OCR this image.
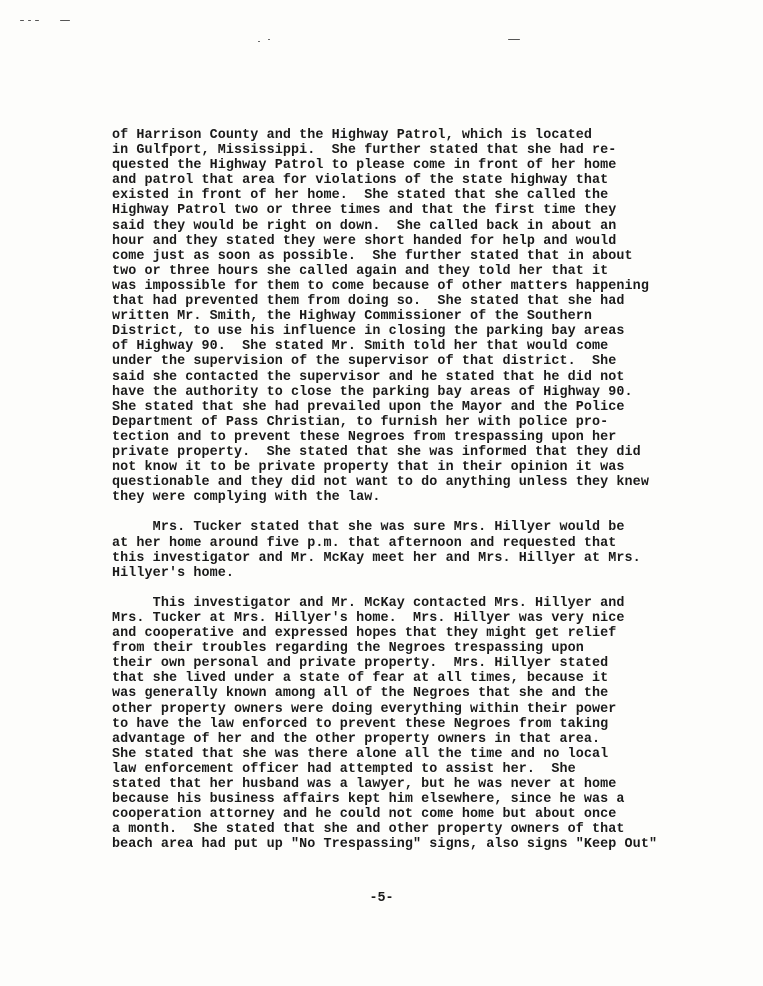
of Harrison County and the Highway Patrol, which is located
in Gulfport, Mississippi.  She further stated that she had re-
quested the Highway Patrol to please come in front of her home
and patrol that area for violations of the state highway that
existed in front of her home.  She stated that she called the
Highway Patrol two or three times and that the first time they
said they would be right on down.  She called back in about an
hour and they stated they were short handed for help and would
come just as soon as possible.  She further stated that in about
two or three hours she called again and they told her that it
was impossible for them to come because of other matters happening
that had prevented them from doing so.  She stated that she had
written Mr. Smith, the Highway Commissioner of the Southern
District, to use his influence in closing the parking bay areas
of Highway 90.  She stated Mr. Smith told her that would come
under the supervision of the supervisor of that district.  She
said she contacted the supervisor and he stated that he did not
have the authority to close the parking bay areas of Highway 90.
She stated that she had prevailed upon the Mayor and the Police
Department of Pass Christian, to furnish her with police pro-
tection and to prevent these Negroes from trespassing upon her
private property.  She stated that she was informed that they did
not know it to be private property that in their opinion it was
questionable and they did not want to do anything unless they knew
they were complying with the law.
Mrs. Tucker stated that she was sure Mrs. Hillyer would be
at her home around five p.m. that afternoon and requested that
this investigator and Mr. McKay meet her and Mrs. Hillyer at Mrs.
Hillyer's home.
This investigator and Mr. McKay contacted Mrs. Hillyer and
Mrs. Tucker at Mrs. Hillyer's home.  Mrs. Hillyer was very nice
and cooperative and expressed hopes that they might get relief
from their troubles regarding the Negroes trespassing upon
their own personal and private property.  Mrs. Hillyer stated
that she lived under a state of fear at all times, because it
was generally known among all of the Negroes that she and the
other property owners were doing everything within their power
to have the law enforced to prevent these Negroes from taking
advantage of her and the other property owners in that area.
She stated that she was there alone all the time and no local
law enforcement officer had attempted to assist her.  She
stated that her husband was a lawyer, but he was never at home
because his business affairs kept him elsewhere, since he was a
cooperation attorney and he could not come home but about once
a month.  She stated that she and other property owners of that
beach area had put up "No Trespassing" signs, also signs "Keep Out"
-5-
